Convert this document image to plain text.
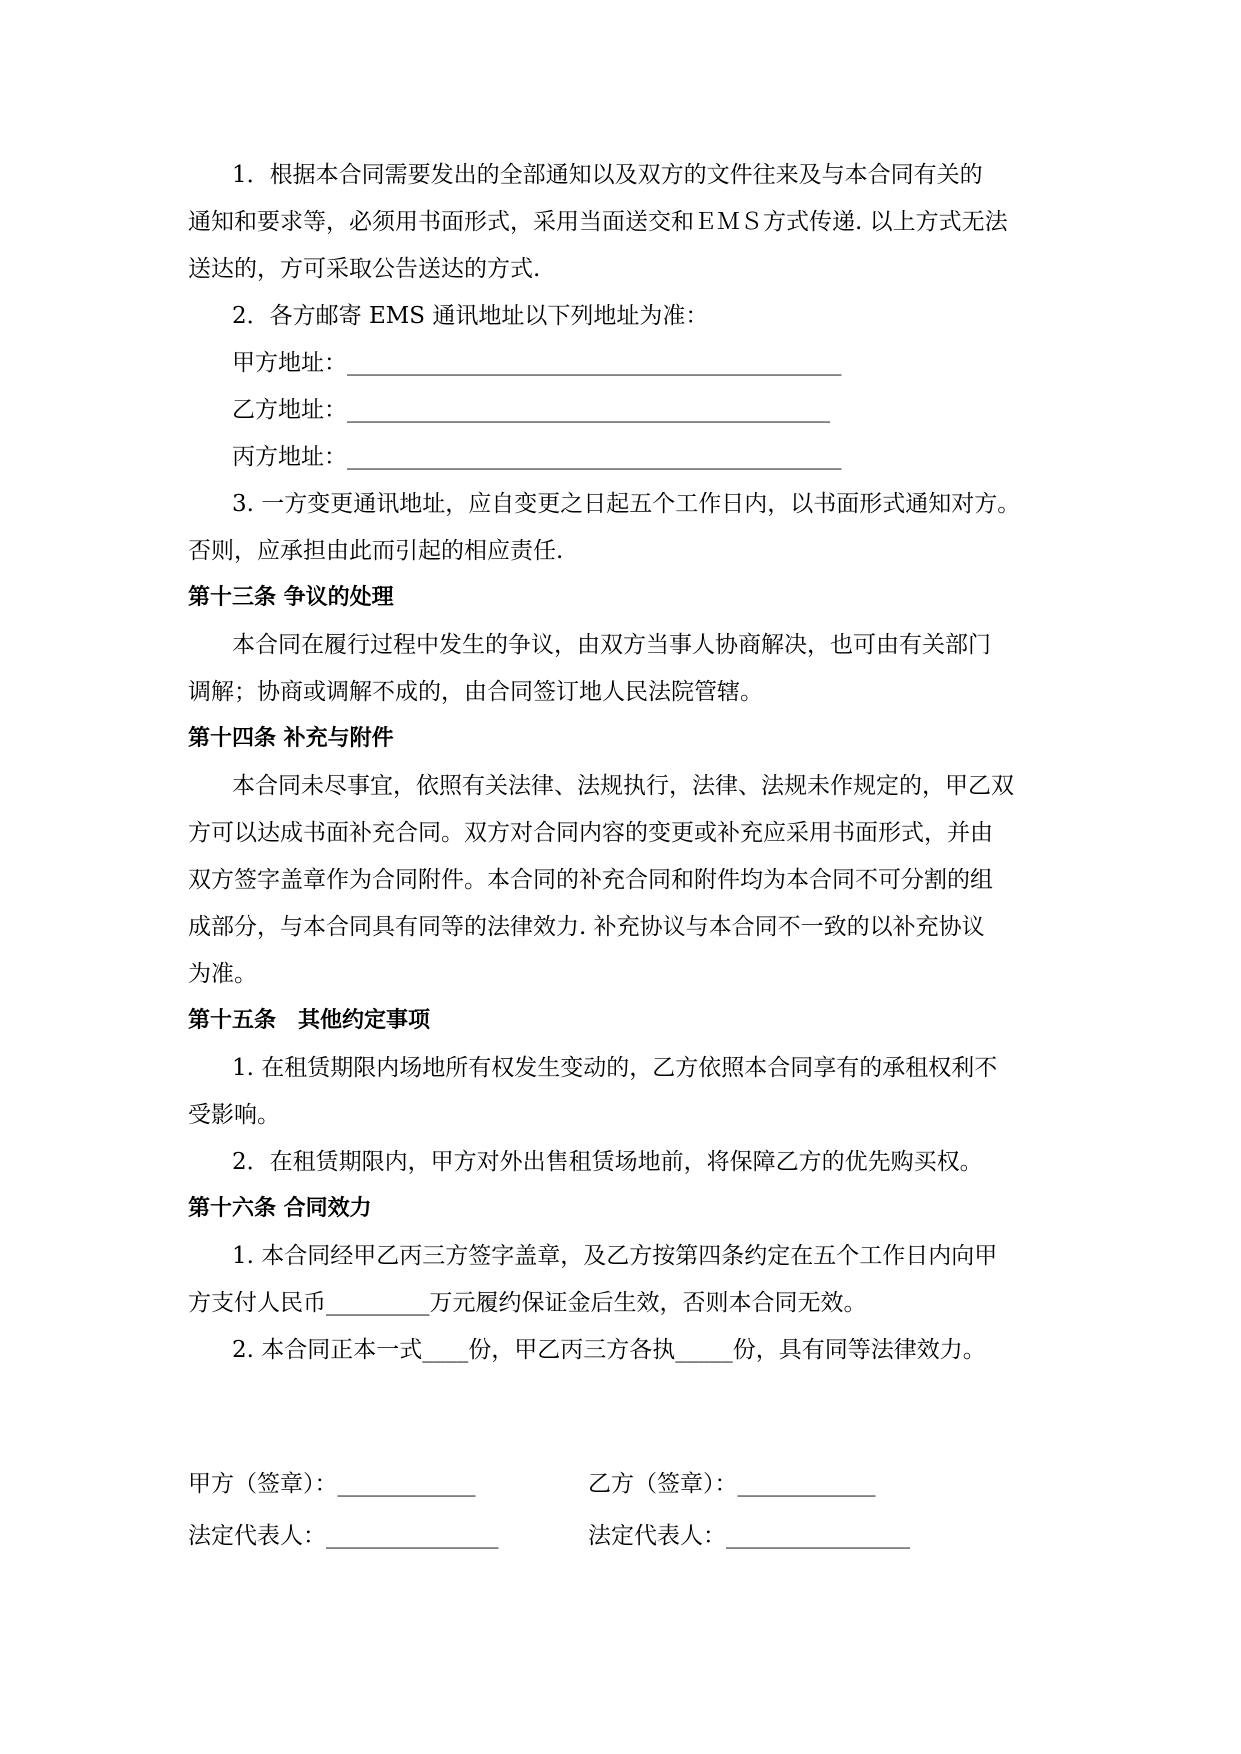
1．根据本合同需要发出的全部通知以及双方的文件往来及与本合同有关的
通知和要求等，必须用书面形式，采用当面送交和ＥＭＳ方式传递. 以上方式无法
送达的，方可采取公告送达的方式.
2．各方邮寄 EMS 通讯地址以下列地址为准：
甲方地址：___________________________________________
乙方地址：__________________________________________
丙方地址：___________________________________________
3. 一方变更通讯地址，应自变更之日起五个工作日内，以书面形式通知对方。
否则，应承担由此而引起的相应责任.
第十三条 争议的处理
本合同在履行过程中发生的争议，由双方当事人协商解决，也可由有关部门
调解；协商或调解不成的，由合同签订地人民法院管辖。
第十四条 补充与附件
本合同未尽事宜，依照有关法律、法规执行，法律、法规未作规定的，甲乙双
方可以达成书面补充合同。双方对合同内容的变更或补充应采用书面形式，并由
双方签字盖章作为合同附件。本合同的补充合同和附件均为本合同不可分割的组
成部分，与本合同具有同等的法律效力. 补充协议与本合同不一致的以补充协议
为准。
第十五条　其他约定事项
1. 在租赁期限内场地所有权发生变动的，乙方依照本合同享有的承租权利不
受影响。
2．在租赁期限内，甲方对外出售租赁场地前，将保障乙方的优先购买权。
第十六条 合同效力
1. 本合同经甲乙丙三方签字盖章，及乙方按第四条约定在五个工作日内向甲
方支付人民币_________万元履约保证金后生效，否则本合同无效。
2. 本合同正本一式____份，甲乙丙三方各执_____份，具有同等法律效力。
甲方（签章）：____________	乙方（签章）：____________
法定代表人：_______________	法定代表人：________________
